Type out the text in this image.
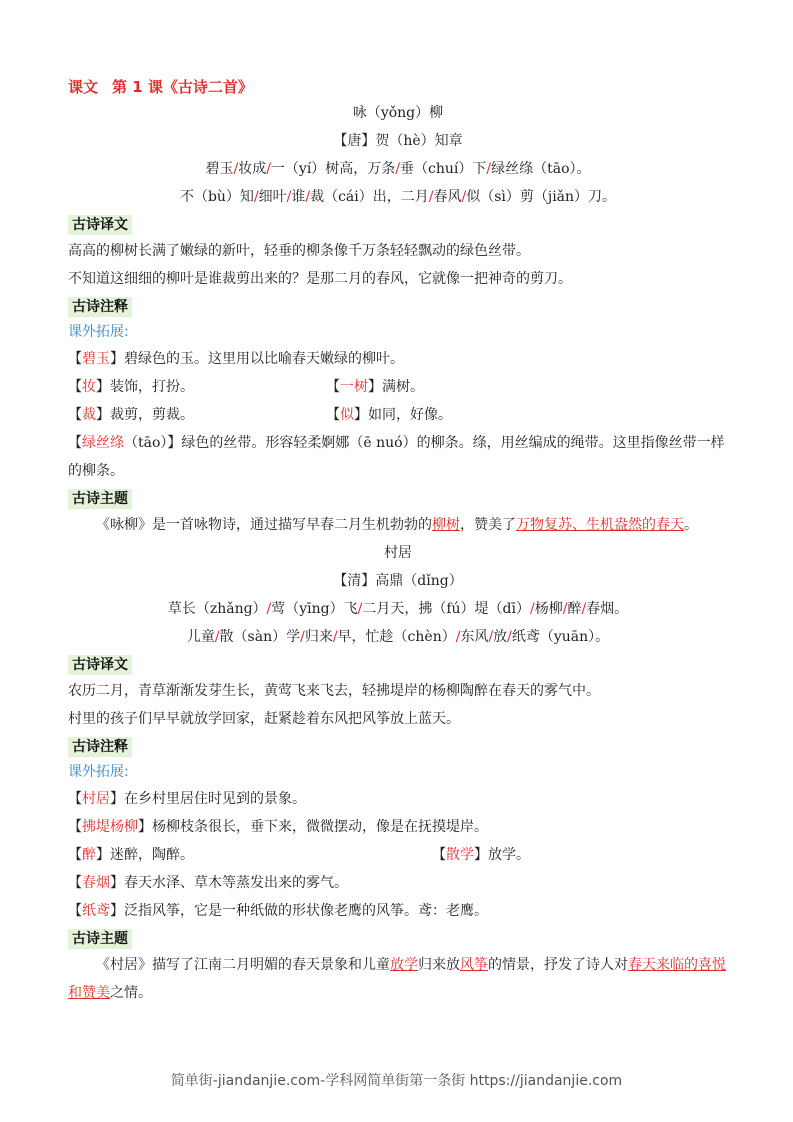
课文 第 1 课《古诗二首》
咏（yǒng）柳
【唐】贺（hè）知章
碧玉/妆成/一（yí）树高，万条/垂（chuí）下/绿丝绦（tāo）。
不（bù）知/细叶/谁/裁（cái）出，二月/春风/似（sì）剪（jiǎn）刀。
古诗译文
高高的柳树长满了嫩绿的新叶，轻垂的柳条像千万条轻轻飘动的绿色丝带。
不知道这细细的柳叶是谁裁剪出来的？是那二月的春风，它就像一把神奇的剪刀。
古诗注释
课外拓展:
【碧玉】碧绿色的玉。这里用以比喻春天嫩绿的柳叶。
【妆】装饰，打扮。	【一树】满树。
【裁】裁剪，剪裁。	【似】如同，好像。
【绿丝绦（tāo）】绿色的丝带。形容轻柔婀娜（ē nuó）的柳条。绦，用丝编成的绳带。这里指像丝带一样的柳条。
古诗主题
《咏柳》是一首咏物诗，通过描写早春二月生机勃勃的柳树，赞美了万物复苏、生机盎然的春天。
村居
【清】高鼎（dǐng）
草长（zhǎnɡ）/莺（yīng）飞/二月天，拂（fú）堤（dī）/杨柳/醉/春烟。
儿童/散（sàn）学/归来/早，忙趁（chèn）/东风/放/纸鸢（yuān）。
古诗译文
农历二月，青草渐渐发芽生长，黄莺飞来飞去，轻拂堤岸的杨柳陶醉在春天的雾气中。
村里的孩子们早早就放学回家，赶紧趁着东风把风筝放上蓝天。
古诗注释
课外拓展:
【村居】在乡村里居住时见到的景象。
【拂堤杨柳】杨柳枝条很长，垂下来，微微摆动，像是在抚摸堤岸。
【醉】迷醉，陶醉。	【散学】放学。
【春烟】春天水泽、草木等蒸发出来的雾气。
【纸鸢】泛指风筝，它是一种纸做的形状像老鹰的风筝。鸢：老鹰。
古诗主题
《村居》描写了江南二月明媚的春天景象和儿童放学归来放风筝的情景，抒发了诗人对春天来临的喜悦和赞美之情。
简单街-jiandanjie.com-学科网简单街第一条街 https://jiandanjie.com
